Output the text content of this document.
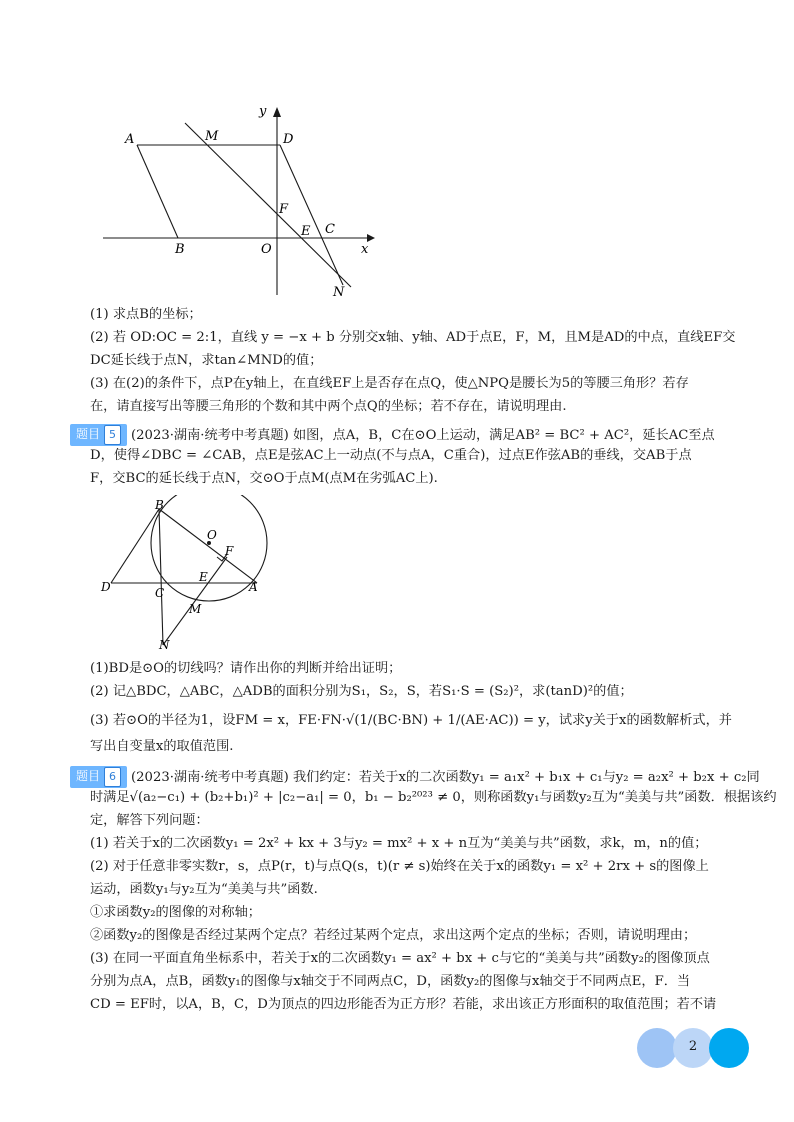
y
A	M	D
F
E C
B	O	x
N
(1) 求点B的坐标；
(2) 若 OD:OC = 2:1，直线 y = −x + b 分别交x轴、y轴、AD于点E，F，M，且M是AD的中点，直线EF交
DC延长线于点N，求tan∠MND的值；
(3) 在(2)的条件下，点P在y轴上，在直线EF上是否存在点Q，使△NPQ是腰长为5的等腰三角形？若存
在，请直接写出等腰三角形的个数和其中两个点Q的坐标；若不存在，请说明理由.
题目 5 (2023·湖南·统考中考真题) 如图，点A，B，C在⊙O上运动，满足AB² = BC² + AC²，延长AC至点
D，使得∠DBC = ∠CAB，点E是弦AC上一动点(不与点A，C重合)，过点E作弦AB的垂线，交AB于点
F，交BC的延长线于点N，交⊙O于点M(点M在劣弧AC上).
B
O
F
D	C
E
A
M
N
(1)BD是⊙O的切线吗？请作出你的判断并给出证明；
(2) 记△BDC，△ABC，△ADB的面积分别为S₁，S₂，S，若S₁·S = (S₂)²，求(tanD)²的值；
(3) 若⊙O的半径为1，设FM = x，FE·FN·√(1/(BC·BN) + 1/(AE·AC)) = y，试求y关于x的函数解析式，并
写出自变量x的取值范围.
题目 6 (2023·湖南·统考中考真题) 我们约定：若关于x的二次函数y₁ = a₁x² + b₁x + c₁与y₂ = a₂x² + b₂x + c₂同
时满足√(a₂−c₁) + (b₂+b₁)² + |c₂−a₁| = 0，b₁ − b₂²⁰²³ ≠ 0，则称函数y₁与函数y₂互为“美美与共”函数．根据该约
定，解答下列问题：
(1) 若关于x的二次函数y₁ = 2x² + kx + 3与y₂ = mx² + x + n互为“美美与共”函数，求k，m，n的值；
(2) 对于任意非零实数r，s，点P(r，t)与点Q(s，t)(r ≠ s)始终在关于x的函数y₁ = x² + 2rx + s的图像上
运动，函数y₁与y₂互为“美美与共”函数.
①求函数y₂的图像的对称轴；
②函数y₂的图像是否经过某两个定点？若经过某两个定点，求出这两个定点的坐标；否则，请说明理由；
(3) 在同一平面直角坐标系中，若关于x的二次函数y₁ = ax² + bx + c与它的“美美与共”函数y₂的图像顶点
分别为点A，点B，函数y₁的图像与x轴交于不同两点C，D，函数y₂的图像与x轴交于不同两点E，F．当
CD = EF时，以A，B，C，D为顶点的四边形能否为正方形？若能，求出该正方形面积的取值范围；若不请
2
